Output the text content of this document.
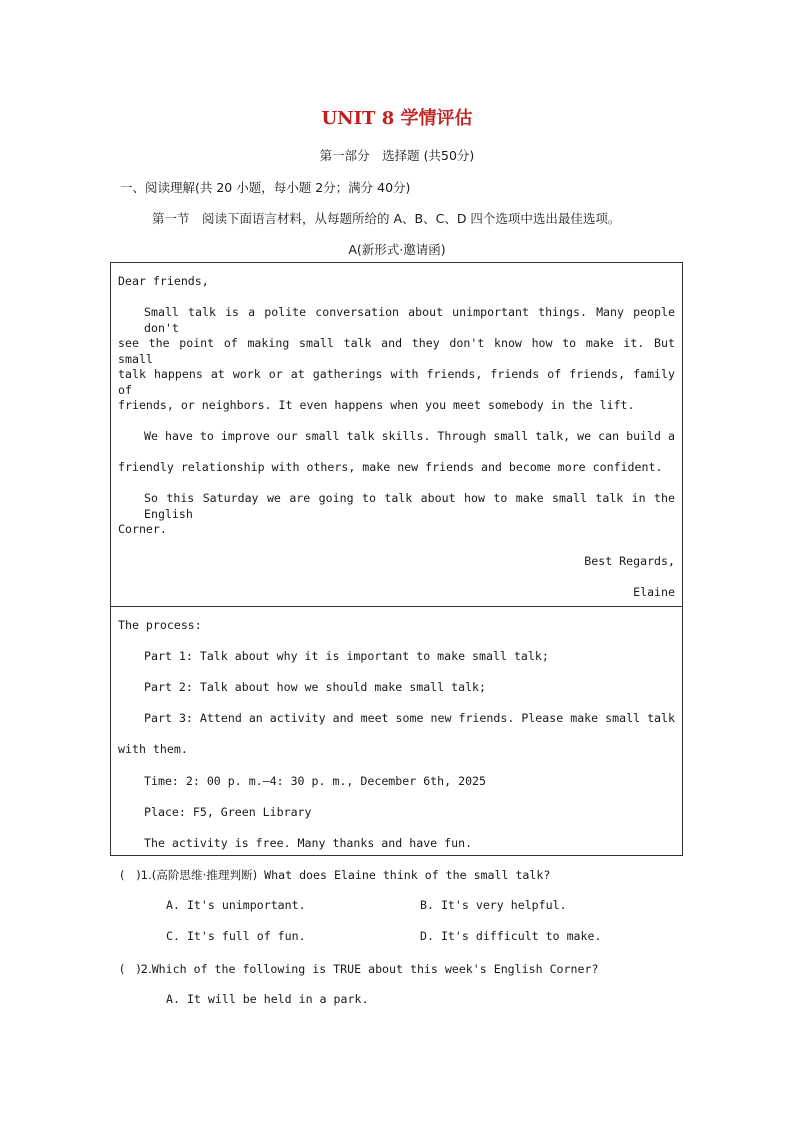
UNIT 8 学情评估
第一部分　选择题 (共50分)
一、阅读理解(共 20 小题，每小题 2分；满分 40分)
第一节　阅读下面语言材料，从每题所给的 A、B、C、D 四个选项中选出最佳选项。
A(新形式·邀请函)
Dear friends,
Small talk is a polite conversation about unimportant things. Many people don't
see the point of making small talk and they don't know how to make it. But small
talk happens at work or at gatherings with friends, friends of friends, family of
friends, or neighbors. It even happens when you meet somebody in the lift.
We have to improve our small talk skills. Through small talk, we can build a
friendly relationship with others, make new friends and become more confident.
So this Saturday we are going to talk about how to make small talk in the English
Corner.
Best Regards,
Elaine
The process:
Part 1: Talk about why it is important to make small talk;
Part 2: Talk about how we should make small talk;
Part 3: Attend an activity and meet some new friends. Please make small talk
with them.
Time: 2: 00 p. m.—4: 30 p. m., December 6th, 2025
Place: F5, Green Library
The activity is free. Many thanks and have fun.
(　)1.(高阶思维·推理判断) What does Elaine think of the small talk?
A. It's unimportant.	B. It's very helpful.
C. It's full of fun.	D. It's difficult to make.
(　)2.Which of the following is TRUE about this week's English Corner?
A. It will be held in a park.
